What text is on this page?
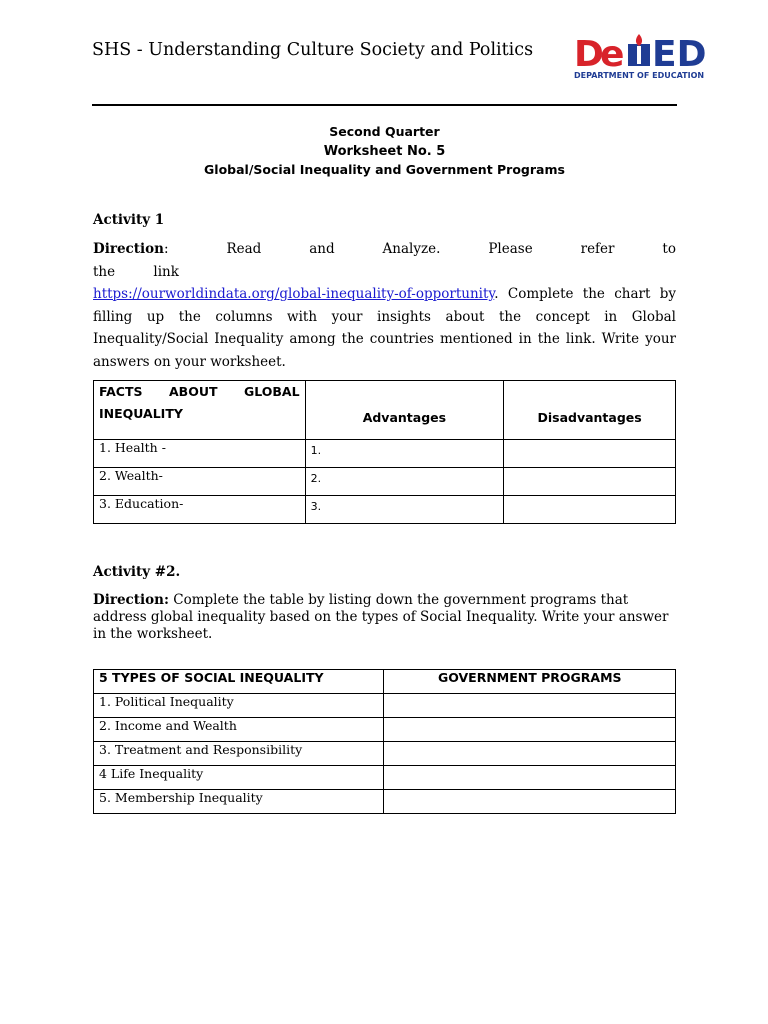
SHS - Understanding Culture Society and Politics D
e ED
DEPARTMENT OF EDUCATION
Second Quarter
Worksheet No. 5
Global/Social Inequality and Government Programs
Activity 1
Direction:	Read and Analyze. Please refer to the link
https://ourworldindata.org/global-inequality-of-opportunity. Complete the chart by filling up the columns with your insights about the concept in Global Inequality/Social Inequality among the countries mentioned in the link. Write your answers on your worksheet.
FACTS ABOUT GLOBAL INEQUALITY	Advantages	Disadvantages
1. Health -	1.	
2. Wealth-	2.	
3. Education-	3.	
Activity #2.
Direction: Complete the table by listing down the government programs that address global inequality based on the types of Social Inequality. Write your answer in the worksheet.
5 TYPES OF SOCIAL INEQUALITY	GOVERNMENT PROGRAMS
1. Political Inequality	
2. Income and Wealth	
3. Treatment and Responsibility	
4 Life Inequality	
5. Membership Inequality	
